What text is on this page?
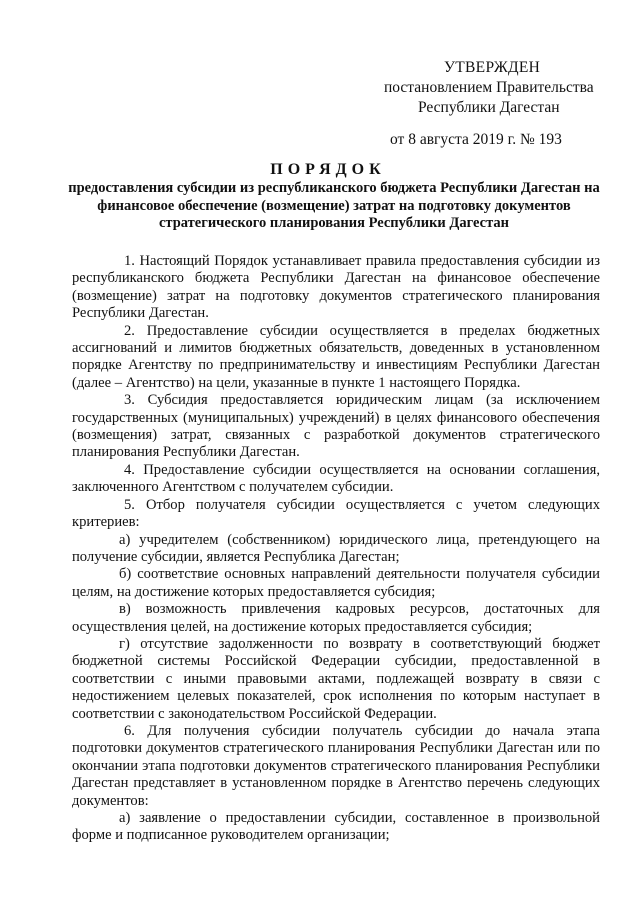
УТВЕРЖДЕН
постановлением Правительства
Республики Дагестан
от 8 августа 2019 г. № 193
ПОРЯДОК
предоставления субсидии из республиканского бюджета Республики Дагестан на финансовое обеспечение (возмещение) затрат на подготовку документов стратегического планирования Республики Дагестан

1. Настоящий Порядок устанавливает правила предоставления субсидии из республиканского бюджета Республики Дагестан на финансовое обеспечение (возмещение) затрат на подготовку документов стратегического планирования Республики Дагестан.

2. Предоставление субсидии осуществляется в пределах бюджетных ассигнований и лимитов бюджетных обязательств, доведенных в установленном порядке Агентству по предпринимательству и инвестициям Республики Дагестан (далее – Агентство) на цели, указанные в пункте 1 настоящего Порядка.

3. Субсидия предоставляется юридическим лицам (за исключением государственных (муниципальных) учреждений) в целях финансового обеспечения (возмещения) затрат, связанных с разработкой документов стратегического планирования Республики Дагестан.

4. Предоставление субсидии осуществляется на основании соглашения, заключенного Агентством с получателем субсидии.

5. Отбор получателя субсидии осуществляется с учетом следующих критериев:

а) учредителем (собственником) юридического лица, претендующего на получение субсидии, является Республика Дагестан;

б) соответствие основных направлений деятельности получателя субсидии целям, на достижение которых предоставляется субсидия;

в) возможность привлечения кадровых ресурсов, достаточных для осуществления целей, на достижение которых предоставляется субсидия;

г) отсутствие задолженности по возврату в соответствующий бюджет бюджетной системы Российской Федерации субсидии, предоставленной в соответствии с иными правовыми актами, подлежащей возврату в связи с недостижением целевых показателей, срок исполнения по которым наступает в соответствии с законодательством Российской Федерации.

6. Для получения субсидии получатель субсидии до начала этапа подготовки документов стратегического планирования Республики Дагестан или по окончании этапа подготовки документов стратегического планирования Республики Дагестан представляет в установленном порядке в Агентство перечень следующих документов:

а) заявление о предоставлении субсидии, составленное в произвольной форме и подписанное руководителем организации;
